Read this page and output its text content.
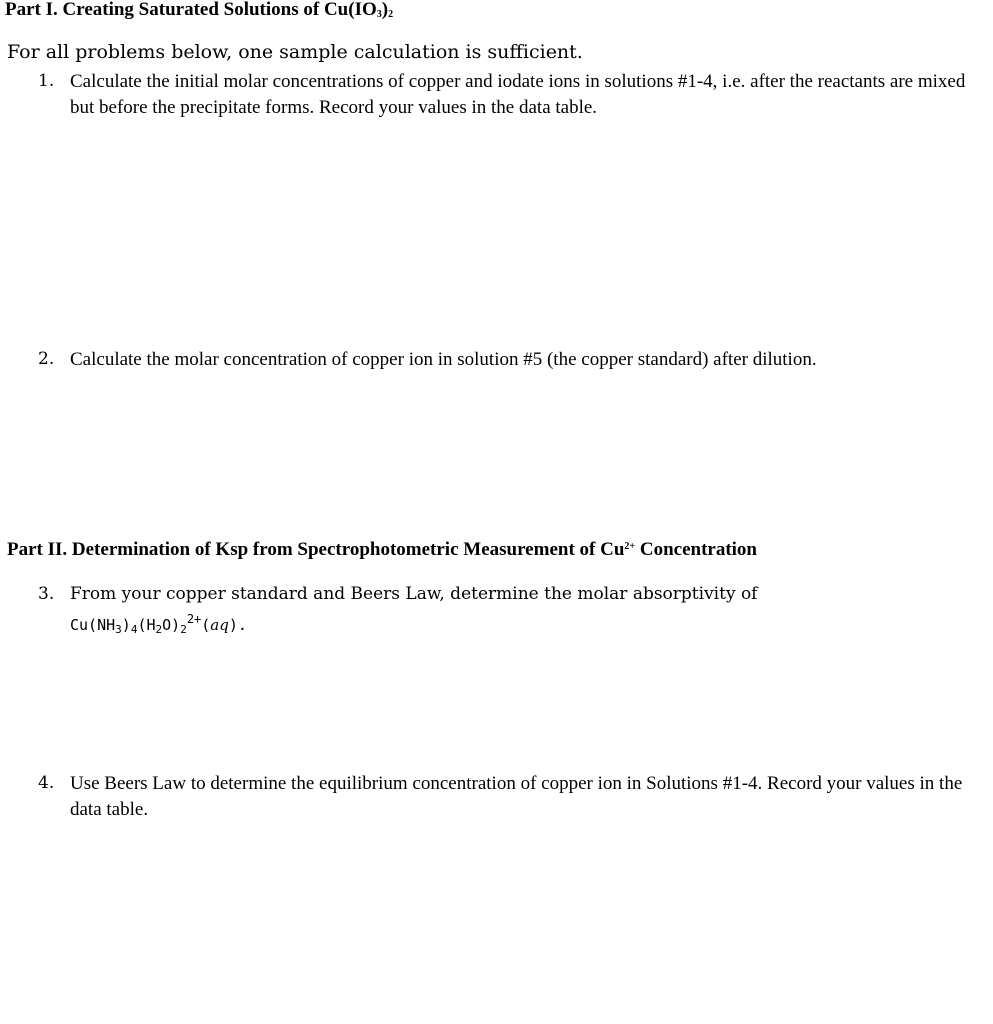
Part I. Creating Saturated Solutions of $Cu(IO_3)_2$
For all problems below, one sample calculation is sufficient.
1. Calculate the initial molar concentrations of copper and iodate ions in solutions #1-4, i.e. after the reactants are mixed but before the precipitate forms. Record your values in the data table.
2. Calculate the molar concentration of copper ion in solution #5 (the copper standard) after dilution.
Part II. Determination of Ksp from Spectrophotometric Measurement of $Cu^{2+}$ Concentration
3. From your copper standard and Beers Law, determine the molar absorptivity of
$Cu(NH_3)_4(H_2O)_2^{2+}(aq)$.
4. Use Beers Law to determine the equilibrium concentration of copper ion in Solutions #1-4. Record your values in the data table.
